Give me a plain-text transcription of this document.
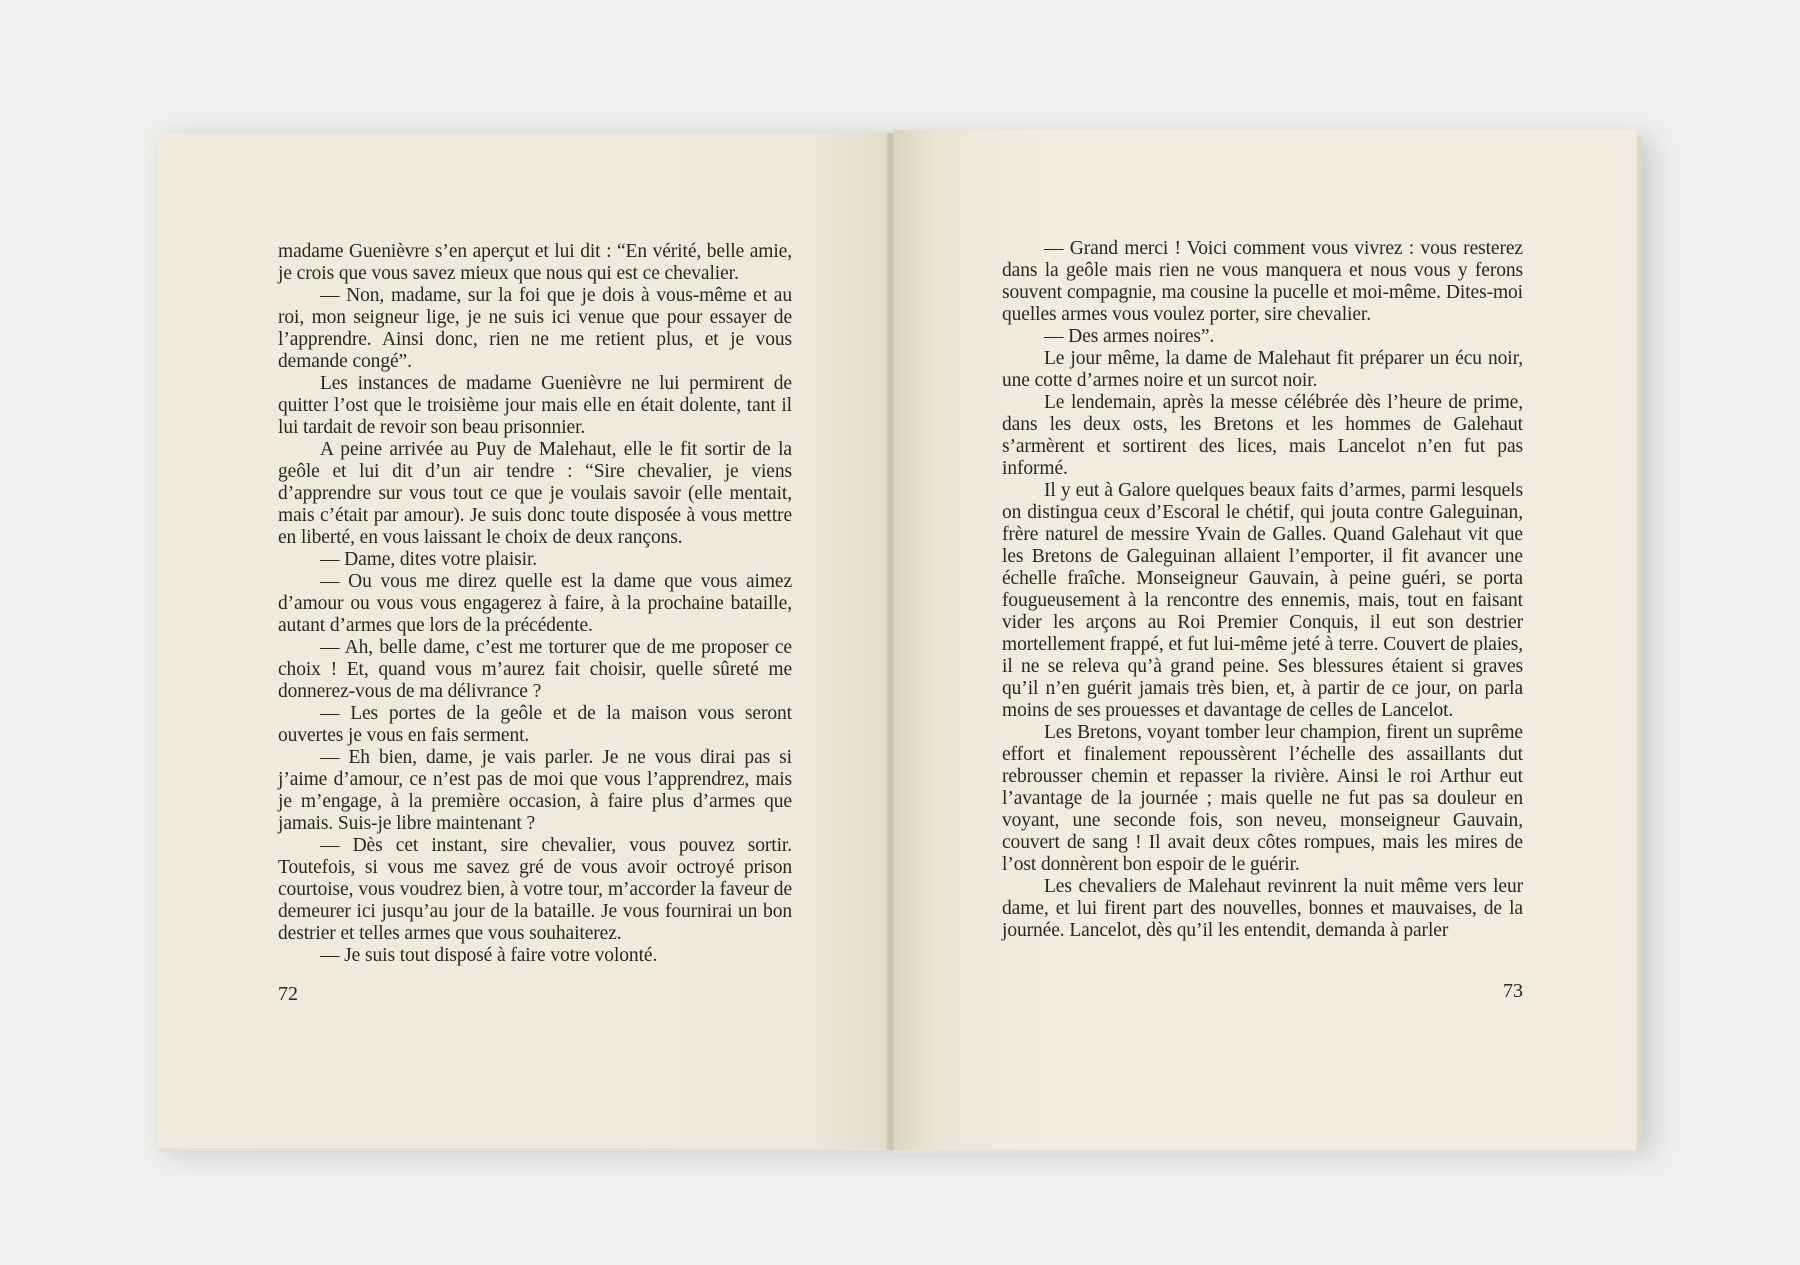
madame Guenièvre s’en aperçut et lui dit : “En vérité, belle amie, je crois que vous savez mieux que nous qui est ce chevalier.

— Non, madame, sur la foi que je dois à vous-même et au roi, mon seigneur lige, je ne suis ici venue que pour essayer de l’apprendre. Ainsi donc, rien ne me retient plus, et je vous demande congé”.

Les instances de madame Guenièvre ne lui permirent de quitter l’ost que le troisième jour mais elle en était dolente, tant il lui tardait de revoir son beau prisonnier.

A peine arrivée au Puy de Malehaut, elle le fit sortir de la geôle et lui dit d’un air tendre : “Sire chevalier, je viens d’apprendre sur vous tout ce que je voulais savoir (elle mentait, mais c’était par amour). Je suis donc toute disposée à vous mettre en liberté, en vous laissant le choix de deux rançons.

— Dame, dites votre plaisir.

— Ou vous me direz quelle est la dame que vous aimez d’amour ou vous vous engagerez à faire, à la prochaine bataille, autant d’armes que lors de la précédente.

— Ah, belle dame, c’est me torturer que de me proposer ce choix ! Et, quand vous m’aurez fait choisir, quelle sûreté me donnerez-vous de ma délivrance ?

— Les portes de la geôle et de la maison vous seront ouvertes je vous en fais serment.

— Eh bien, dame, je vais parler. Je ne vous dirai pas si j’aime d’amour, ce n’est pas de moi que vous l’apprendrez, mais je m’engage, à la première occasion, à faire plus d’armes que jamais. Suis-je libre maintenant ?

— Dès cet instant, sire chevalier, vous pouvez sortir. Toutefois, si vous me savez gré de vous avoir octroyé prison courtoise, vous voudrez bien, à votre tour, m’accorder la faveur de demeurer ici jusqu’au jour de la bataille. Je vous fournirai un bon destrier et telles armes que vous souhaiterez.

— Je suis tout disposé à faire votre volonté.

72

— Grand merci ! Voici comment vous vivrez : vous resterez dans la geôle mais rien ne vous manquera et nous vous y ferons souvent compagnie, ma cousine la pucelle et moi-même. Dites-moi quelles armes vous voulez porter, sire chevalier.

— Des armes noires”.

Le jour même, la dame de Malehaut fit préparer un écu noir, une cotte d’armes noire et un surcot noir.

Le lendemain, après la messe célébrée dès l’heure de prime, dans les deux osts, les Bretons et les hommes de Galehaut s’armèrent et sortirent des lices, mais Lancelot n’en fut pas informé.

Il y eut à Galore quelques beaux faits d’armes, parmi lesquels on distingua ceux d’Escoral le chétif, qui jouta contre Galeguinan, frère naturel de messire Yvain de Galles. Quand Galehaut vit que les Bretons de Galeguinan allaient l’emporter, il fit avancer une échelle fraîche. Monseigneur Gauvain, à peine guéri, se porta fougueusement à la rencontre des ennemis, mais, tout en faisant vider les arçons au Roi Premier Conquis, il eut son destrier mortellement frappé, et fut lui-même jeté à terre. Couvert de plaies, il ne se releva qu’à grand peine. Ses blessures étaient si graves qu’il n’en guérit jamais très bien, et, à partir de ce jour, on parla moins de ses prouesses et davantage de celles de Lancelot.

Les Bretons, voyant tomber leur champion, firent un suprême effort et finalement repoussèrent l’échelle des assaillants dut rebrousser chemin et repasser la rivière. Ainsi le roi Arthur eut l’avantage de la journée ; mais quelle ne fut pas sa douleur en voyant, une seconde fois, son neveu, monseigneur Gauvain, couvert de sang ! Il avait deux côtes rompues, mais les mires de l’ost donnèrent bon espoir de le guérir.

Les chevaliers de Malehaut revinrent la nuit même vers leur dame, et lui firent part des nouvelles, bonnes et mauvaises, de la journée. Lancelot, dès qu’il les entendit, demanda à parler

73
